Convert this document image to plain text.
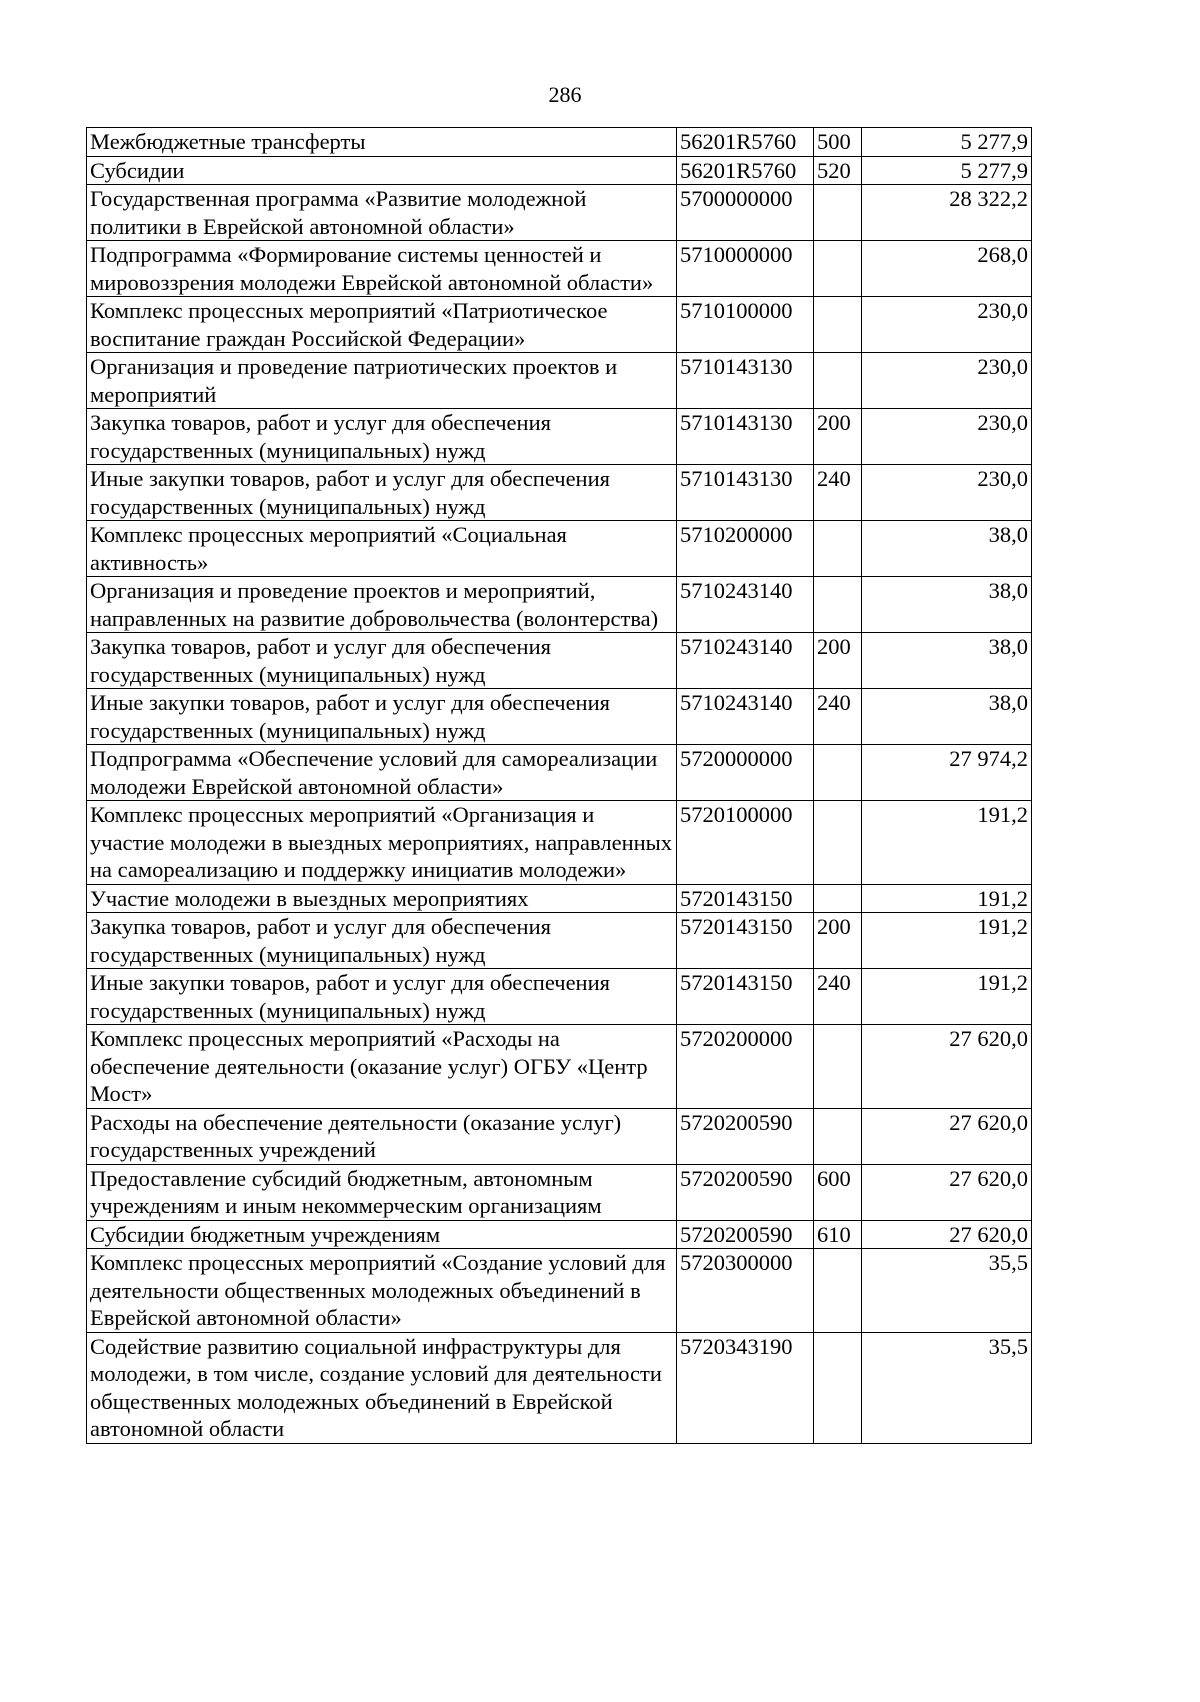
286
Межбюджетные трансферты	56201R5760	500	5 277,9
Субсидии	56201R5760	520	5 277,9
Государственная программа «Развитие молодежной политики в Еврейской автономной области»	5700000000		28 322,2
Подпрограмма «Формирование системы ценностей и мировоззрения молодежи Еврейской автономной области»	5710000000		268,0
Комплекс процессных мероприятий «Патриотическое воспитание граждан Российской Федерации»	5710100000		230,0
Организация и проведение патриотических проектов и мероприятий	5710143130		230,0
Закупка товаров, работ и услуг для обеспечения государственных (муниципальных) нужд	5710143130	200	230,0
Иные закупки товаров, работ и услуг для обеспечения государственных (муниципальных) нужд	5710143130	240	230,0
Комплекс процессных мероприятий «Социальная активность»	5710200000		38,0
Организация и проведение проектов и мероприятий, направленных на развитие добровольчества (волонтерства)	5710243140		38,0
Закупка товаров, работ и услуг для обеспечения государственных (муниципальных) нужд	5710243140	200	38,0
Иные закупки товаров, работ и услуг для обеспечения государственных (муниципальных) нужд	5710243140	240	38,0
Подпрограмма «Обеспечение условий для самореализации молодежи Еврейской автономной области»	5720000000		27 974,2
Комплекс процессных мероприятий «Организация и участие молодежи в выездных мероприятиях, направленных на самореализацию и поддержку инициатив молодежи»	5720100000		191,2
Участие молодежи в выездных мероприятиях	5720143150		191,2
Закупка товаров, работ и услуг для обеспечения государственных (муниципальных) нужд	5720143150	200	191,2
Иные закупки товаров, работ и услуг для обеспечения государственных (муниципальных) нужд	5720143150	240	191,2
Комплекс процессных мероприятий «Расходы на обеспечение деятельности (оказание услуг) ОГБУ «Центр Мост»	5720200000		27 620,0
Расходы на обеспечение деятельности (оказание услуг) государственных учреждений	5720200590		27 620,0
Предоставление субсидий бюджетным, автономным учреждениям и иным некоммерческим организациям	5720200590	600	27 620,0
Субсидии бюджетным учреждениям	5720200590	610	27 620,0
Комплекс процессных мероприятий «Создание условий для деятельности общественных молодежных объединений в Еврейской автономной области»	5720300000		35,5
Содействие развитию социальной инфраструктуры для молодежи, в том числе, создание условий для деятельности общественных молодежных объединений в Еврейской автономной области	5720343190		35,5
